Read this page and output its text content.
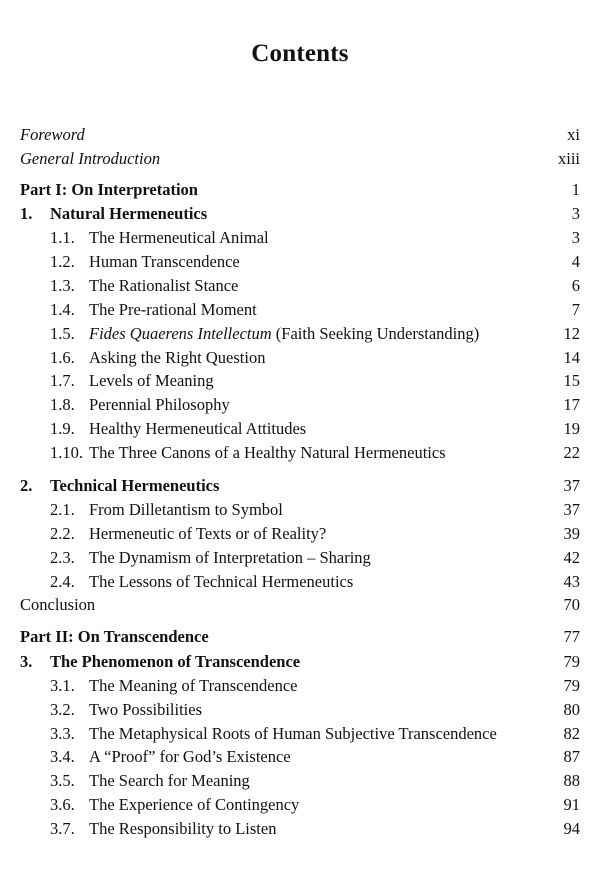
Contents
Foreword	xi
General Introduction	xiii
Part I: On Interpretation	1
1. Natural Hermeneutics	3
1.1. The Hermeneutical Animal	3
1.2. Human Transcendence	4
1.3. The Rationalist Stance	6
1.4. The Pre-rational Moment	7
1.5. Fides Quaerens Intellectum (Faith Seeking Understanding)	12
1.6. Asking the Right Question	14
1.7. Levels of Meaning	15
1.8. Perennial Philosophy	17
1.9. Healthy Hermeneutical Attitudes	19
1.10. The Three Canons of a Healthy Natural Hermeneutics	22
2. Technical Hermeneutics	37
2.1. From Dilletantism to Symbol	37
2.2. Hermeneutic of Texts or of Reality?	39
2.3. The Dynamism of Interpretation – Sharing	42
2.4. The Lessons of Technical Hermeneutics	43
Conclusion	70
Part II: On Transcendence	77
3. The Phenomenon of Transcendence	79
3.1. The Meaning of Transcendence	79
3.2. Two Possibilities	80
3.3. The Metaphysical Roots of Human Subjective Transcendence	82
3.4. A “Proof” for God’s Existence	87
3.5. The Search for Meaning	88
3.6. The Experience of Contingency	91
3.7. The Responsibility to Listen	94
